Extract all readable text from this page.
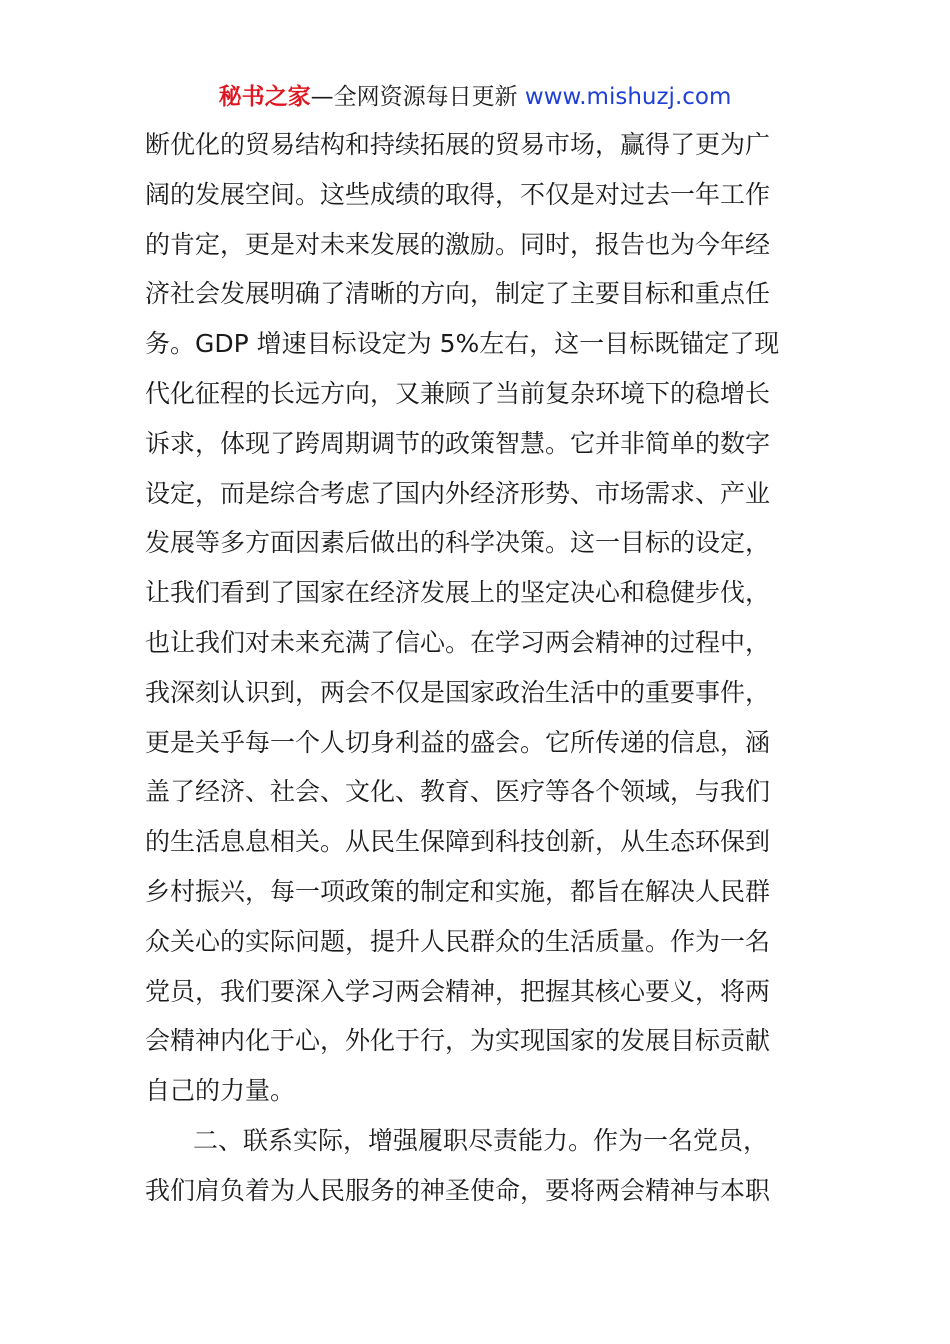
秘书之家—全网资源每日更新 www.mishuzj.com
断优化的贸易结构和持续拓展的贸易市场，赢得了更为广
阔的发展空间。这些成绩的取得，不仅是对过去一年工作
的肯定，更是对未来发展的激励。同时，报告也为今年经
济社会发展明确了清晰的方向，制定了主要目标和重点任
务。GDP 增速目标设定为 5%左右，这一目标既锚定了现
代化征程的长远方向，又兼顾了当前复杂环境下的稳增长
诉求，体现了跨周期调节的政策智慧。它并非简单的数字
设定，而是综合考虑了国内外经济形势、市场需求、产业
发展等多方面因素后做出的科学决策。这一目标的设定，
让我们看到了国家在经济发展上的坚定决心和稳健步伐，
也让我们对未来充满了信心。在学习两会精神的过程中，
我深刻认识到，两会不仅是国家政治生活中的重要事件，
更是关乎每一个人切身利益的盛会。它所传递的信息，涵
盖了经济、社会、文化、教育、医疗等各个领域，与我们
的生活息息相关。从民生保障到科技创新，从生态环保到
乡村振兴，每一项政策的制定和实施，都旨在解决人民群
众关心的实际问题，提升人民群众的生活质量。作为一名
党员，我们要深入学习两会精神，把握其核心要义，将两
会精神内化于心，外化于行，为实现国家的发展目标贡献
自己的力量。
二、联系实际，增强履职尽责能力。作为一名党员，
我们肩负着为人民服务的神圣使命，要将两会精神与本职
